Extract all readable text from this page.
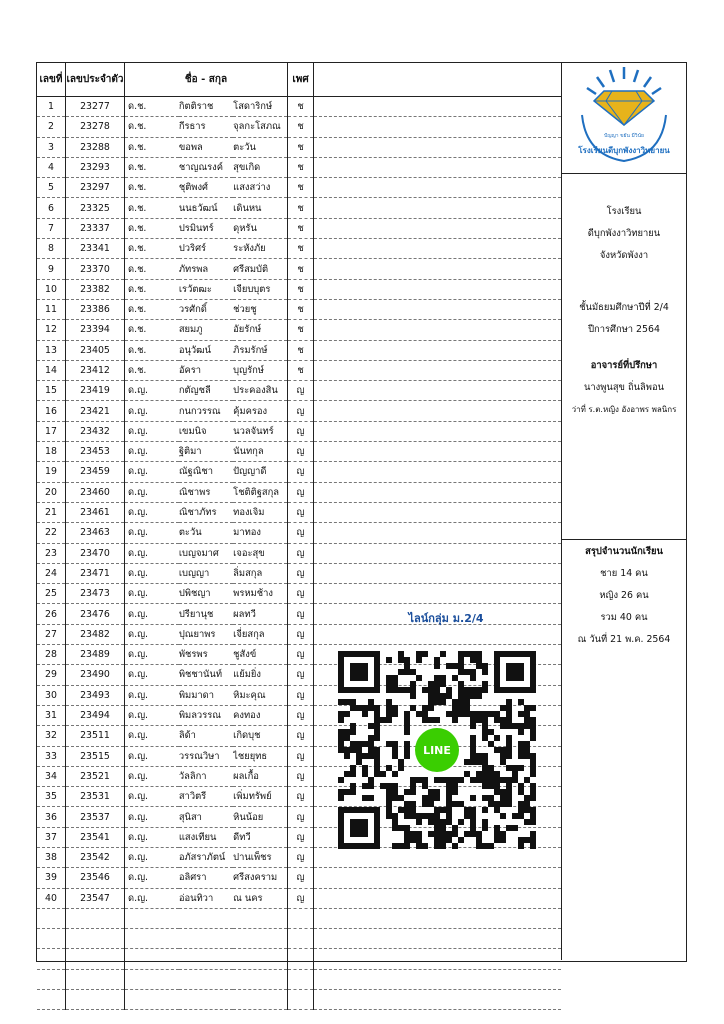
เลขที่	เลขประจำตัว	ชื่อ - สกุล			เพศ	
1	23277	ด.ช.	กิตติราช	โสดาริกษ์	ช	
2	23278	ด.ช.	กีรธาร	จุลกะโสภณ	ช	
3	23288	ด.ช.	ขอพล	ตะวัน	ช	
4	23293	ด.ช.	ชาญณรงค์	สุขเกิด	ช	
5	23297	ด.ช.	ชุติพงศ์	แสงสว่าง	ช	
6	23325	ด.ช.	นนธวัฒน์	เดินหน	ช	
7	23337	ด.ช.	ปรมินทร์	ดุหรัน	ช	
8	23341	ด.ช.	ปวริศร์	ระหังภัย	ช	
9	23370	ด.ช.	ภัทรพล	ศรีสมบัติ	ช	
10	23382	ด.ช.	เรวัตฒะ	เจียบบุตร	ช	
11	23386	ด.ช.	วรศักดิ์	ช่วยชู	ช	
12	23394	ด.ช.	สยมภู	อัยรักษ์	ช	
13	23405	ด.ช.	อนุวัฒน์	ภิรมรักษ์	ช	
14	23412	ด.ช.	อัครา	บุญรักษ์	ช	
15	23419	ด.ญ.	กตัญชลี	ประคองสิน	ญ	
16	23421	ด.ญ.	กนกวรรณ	คุ้มครอง	ญ	
17	23432	ด.ญ.	เขมนิจ	นวลจันทร์	ญ	
18	23453	ด.ญ.	ฐิติมา	นันทกุล	ญ	
19	23459	ด.ญ.	ณัฐณิชา	ปัญญาดี	ญ	
20	23460	ด.ญ.	ณิชาพร	โชติติฐสกุล	ญ	
21	23461	ด.ญ.	ณิชาภัทร	ทองเจิม	ญ	
22	23463	ด.ญ.	ตะวัน	มาทอง	ญ	
23	23470	ด.ญ.	เบญจมาศ	เจอะสุข	ญ	
24	23471	ด.ญ.	เบญญา	ลิ่มสกุล	ญ	
25	23473	ด.ญ.	ปพิชญา	พรหมช้าง	ญ	
26	23476	ด.ญ.	ปรียานุช	ผลทวี	ญ	
27	23482	ด.ญ.	ปุณยาพร	เจี่ยสกุล	ญ	
28	23489	ด.ญ.	พัชรพร	ชูสังข์	ญ	
29	23490	ด.ญ.	พิชชานันท์	แย้มยิ่ง	ญ	
30	23493	ด.ญ.	พิมมาดา	หิมะคุณ	ญ	
31	23494	ด.ญ.	พิมลวรรณ	คงทอง	ญ	
32	23511	ด.ญ.	ลิด้า	เกิดบุช	ญ	
33	23515	ด.ญ.	วรรณวิษา	ไชยยุทธ	ญ	
34	23521	ด.ญ.	วัลลิกา	ผลเกื้อ	ญ	
35	23531	ด.ญ.	สาวิตรี	เพิ่มทรัพย์	ญ	
36	23537	ด.ญ.	สุนิสา	หินน้อย	ญ	
37	23541	ด.ญ.	แสงเทียน	ดีทวี	ญ	
38	23542	ด.ญ.	อภัสราภัตน์	ปานเพ็ชร	ญ	
39	23546	ด.ญ.	อลิศรา	ศรีสงคราม	ญ	
40	23547	ด.ญ.	อ่อนทิวา	ณ นคร	ญ	

ไลน์กลุ่ม ม.2/4
LINE
ปัญญา ขยัน มีวินัย
โรงเรียนดีบุกพังงาวิทยายน
โรงเรียน
ดีบุกพังงาวิทยายน
จังหวัดพังงา
ชั้นมัธยมศึกษาปีที่ 2/4
ปีการศึกษา 2564
อาจารย์ที่ปรึกษา
นางพูนสุข ถิ่นลิพอน
ว่าที่ ร.ต.หญิง อังอาพร พลนิกร
สรุปจำนวนนักเรียน
ชาย 14 คน
หญิง 26 คน
รวม 40 คน
ณ วันที่ 21 พ.ค. 2564
